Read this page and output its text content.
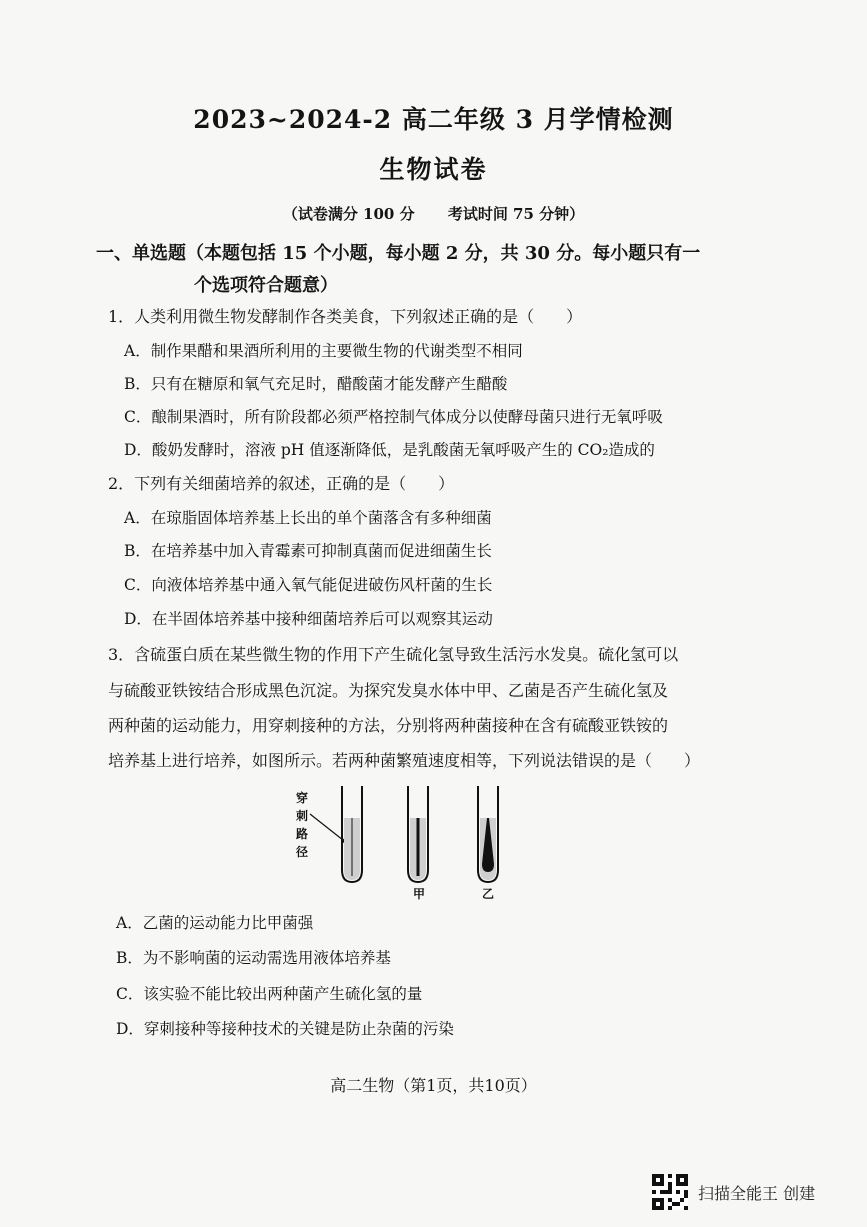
2023~2024-2 高二年级 3 月学情检测
生物试卷
（试卷满分 100 分 考试时间 75 分钟）
一、单选题（本题包括 15 个小题，每小题 2 分，共 30 分。每小题只有一
个选项符合题意）
1．人类利用微生物发酵制作各类美食，下列叙述正确的是（　　）
A．制作果醋和果酒所利用的主要微生物的代谢类型不相同
B．只有在糖原和氧气充足时，醋酸菌才能发酵产生醋酸
C．酿制果酒时，所有阶段都必须严格控制气体成分以使酵母菌只进行无氧呼吸
D．酸奶发酵时，溶液 pH 值逐渐降低，是乳酸菌无氧呼吸产生的 CO₂造成的
2．下列有关细菌培养的叙述，正确的是（　　）
A．在琼脂固体培养基上长出的单个菌落含有多种细菌
B．在培养基中加入青霉素可抑制真菌而促进细菌生长
C．向液体培养基中通入氧气能促进破伤风杆菌的生长
D．在半固体培养基中接种细菌培养后可以观察其运动
3．含硫蛋白质在某些微生物的作用下产生硫化氢导致生活污水发臭。硫化氢可以
与硫酸亚铁铵结合形成黑色沉淀。为探究发臭水体中甲、乙菌是否产生硫化氢及
两种菌的运动能力，用穿刺接种的方法，分别将两种菌接种在含有硫酸亚铁铵的
培养基上进行培养，如图所示。若两种菌繁殖速度相等，下列说法错误的是（　　）
穿
刺
路
径
甲	乙
A．乙菌的运动能力比甲菌强
B．为不影响菌的运动需选用液体培养基
C．该实验不能比较出两种菌产生硫化氢的量
D．穿刺接种等接种技术的关键是防止杂菌的污染
高二生物（第1页，共10页）
扫描全能王 创建
